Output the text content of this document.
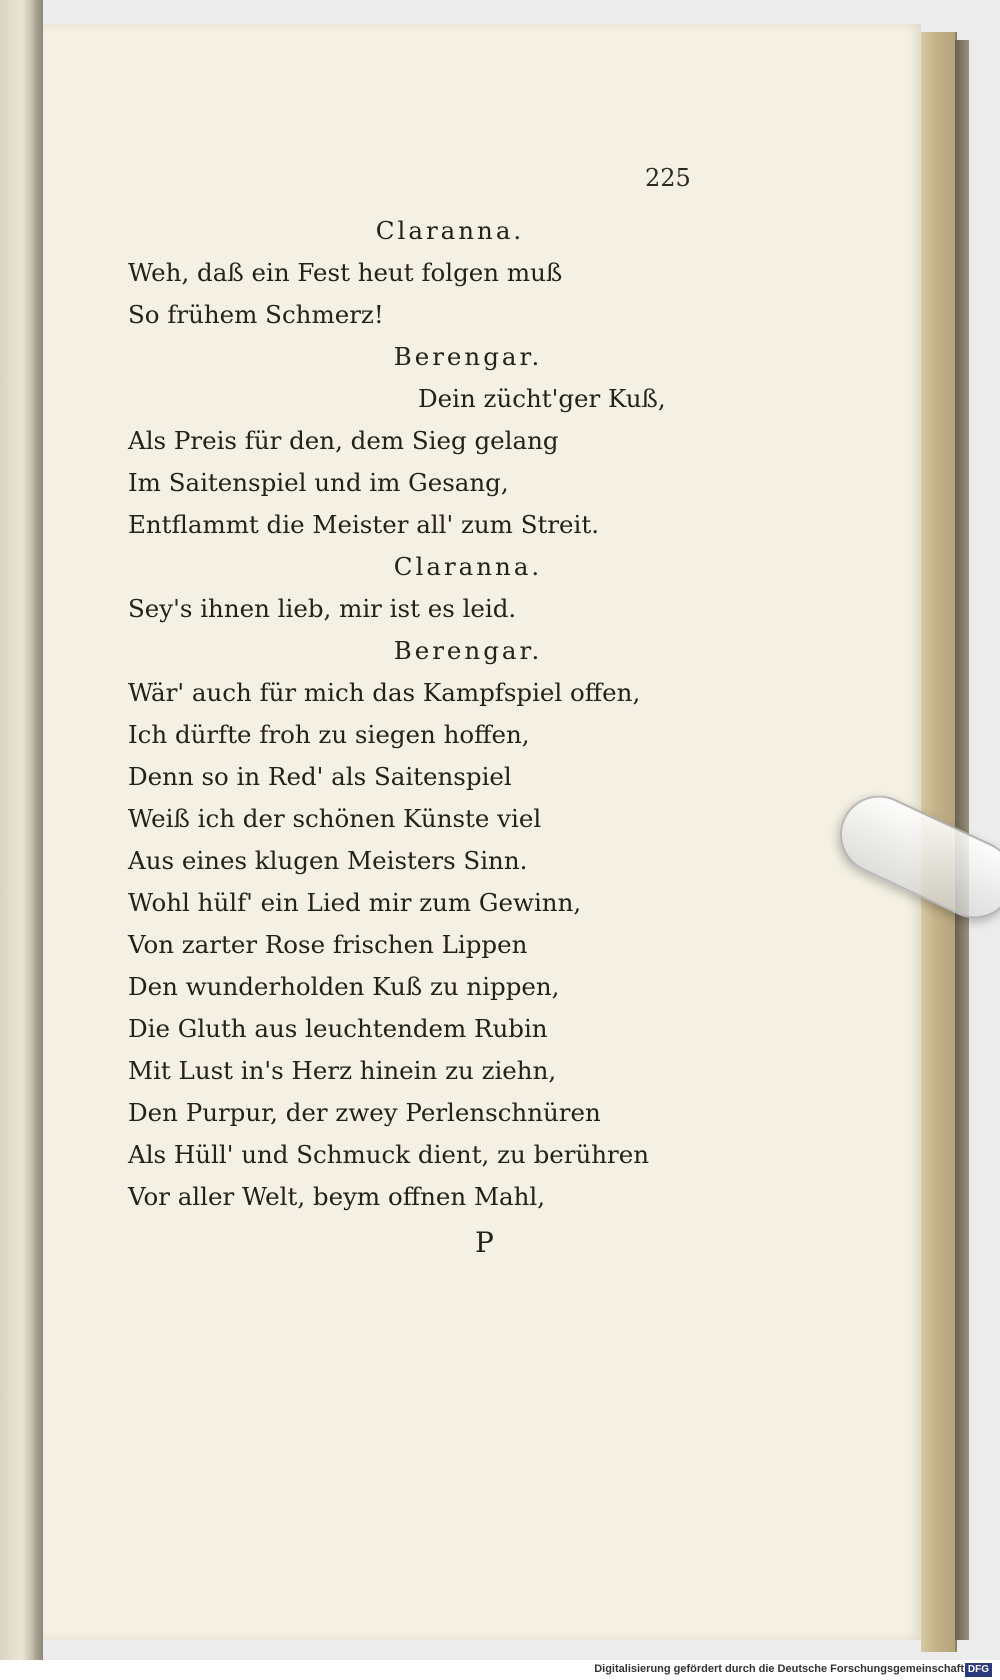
225
Claranna.
Weh, daß ein Fest heut folgen muß
So frühem Schmerz!
Berengar.
Dein zücht'ger Kuß,
Als Preis für den, dem Sieg gelang
Im Saitenspiel und im Gesang,
Entflammt die Meister all' zum Streit.
Claranna.
Sey's ihnen lieb, mir ist es leid.
Berengar.
Wär' auch für mich das Kampfspiel offen,
Ich dürfte froh zu siegen hoffen,
Denn so in Red' als Saitenspiel
Weiß ich der schönen Künste viel
Aus eines klugen Meisters Sinn.
Wohl hülf' ein Lied mir zum Gewinn,
Von zarter Rose frischen Lippen
Den wunderholden Kuß zu nippen,
Die Gluth aus leuchtendem Rubin
Mit Lust in's Herz hinein zu ziehn,
Den Purpur, der zwey Perlenschnüren
Als Hüll' und Schmuck dient, zu berühren
Vor aller Welt, beym offnen Mahl,
P
Digitalisierung gefördert durch die Deutsche Forschungsgemeinschaft DFG
